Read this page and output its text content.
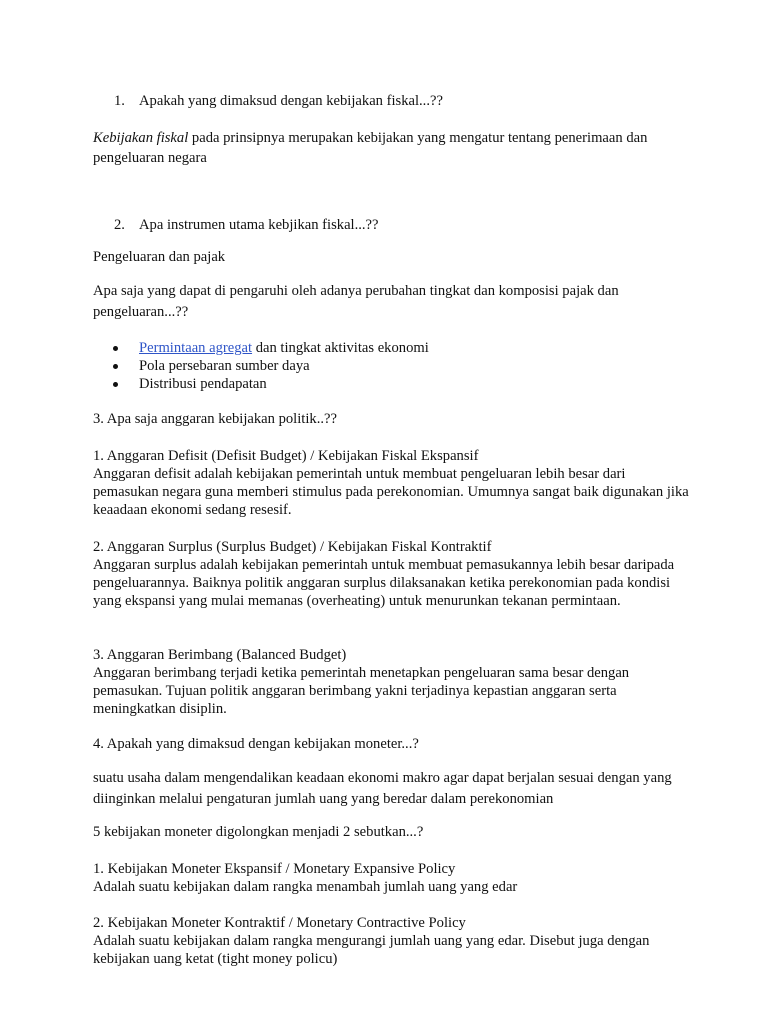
1. Apakah yang dimaksud dengan kebijakan fiskal...??

Kebijakan fiskal pada prinsipnya merupakan kebijakan yang mengatur tentang penerimaan dan pengeluaran negara

2. Apa instrumen utama kebjikan fiskal...??

Pengeluaran dan pajak

Apa saja yang dapat di pengaruhi oleh adanya perubahan tingkat dan komposisi pajak dan pengeluaran...??

Permintaan agregat dan tingkat aktivitas ekonomi
Pola persebaran sumber daya
Distribusi pendapatan

3. Apa saja anggaran kebijakan politik..??

1. Anggaran Defisit (Defisit Budget) / Kebijakan Fiskal Ekspansif

Anggaran defisit adalah kebijakan pemerintah untuk membuat pengeluaran lebih besar dari pemasukan negara guna memberi stimulus pada perekonomian. Umumnya sangat baik digunakan jika keaadaan ekonomi sedang resesif.

2. Anggaran Surplus (Surplus Budget) / Kebijakan Fiskal Kontraktif

Anggaran surplus adalah kebijakan pemerintah untuk membuat pemasukannya lebih besar daripada pengeluarannya. Baiknya politik anggaran surplus dilaksanakan ketika perekonomian pada kondisi yang ekspansi yang mulai memanas (overheating) untuk menurunkan tekanan permintaan.

3. Anggaran Berimbang (Balanced Budget)

Anggaran berimbang terjadi ketika pemerintah menetapkan pengeluaran sama besar dengan pemasukan. Tujuan politik anggaran berimbang yakni terjadinya kepastian anggaran serta meningkatkan disiplin.

4. Apakah yang dimaksud dengan kebijakan moneter...?

suatu usaha dalam mengendalikan keadaan ekonomi makro agar dapat berjalan sesuai dengan yang diinginkan melalui pengaturan jumlah uang yang beredar dalam perekonomian

5 kebijakan moneter digolongkan menjadi 2 sebutkan...?

1. Kebijakan Moneter Ekspansif / Monetary Expansive Policy

Adalah suatu kebijakan dalam rangka menambah jumlah uang yang edar

2. Kebijakan Moneter Kontraktif / Monetary Contractive Policy

Adalah suatu kebijakan dalam rangka mengurangi jumlah uang yang edar. Disebut juga dengan kebijakan uang ketat (tight money policu)
